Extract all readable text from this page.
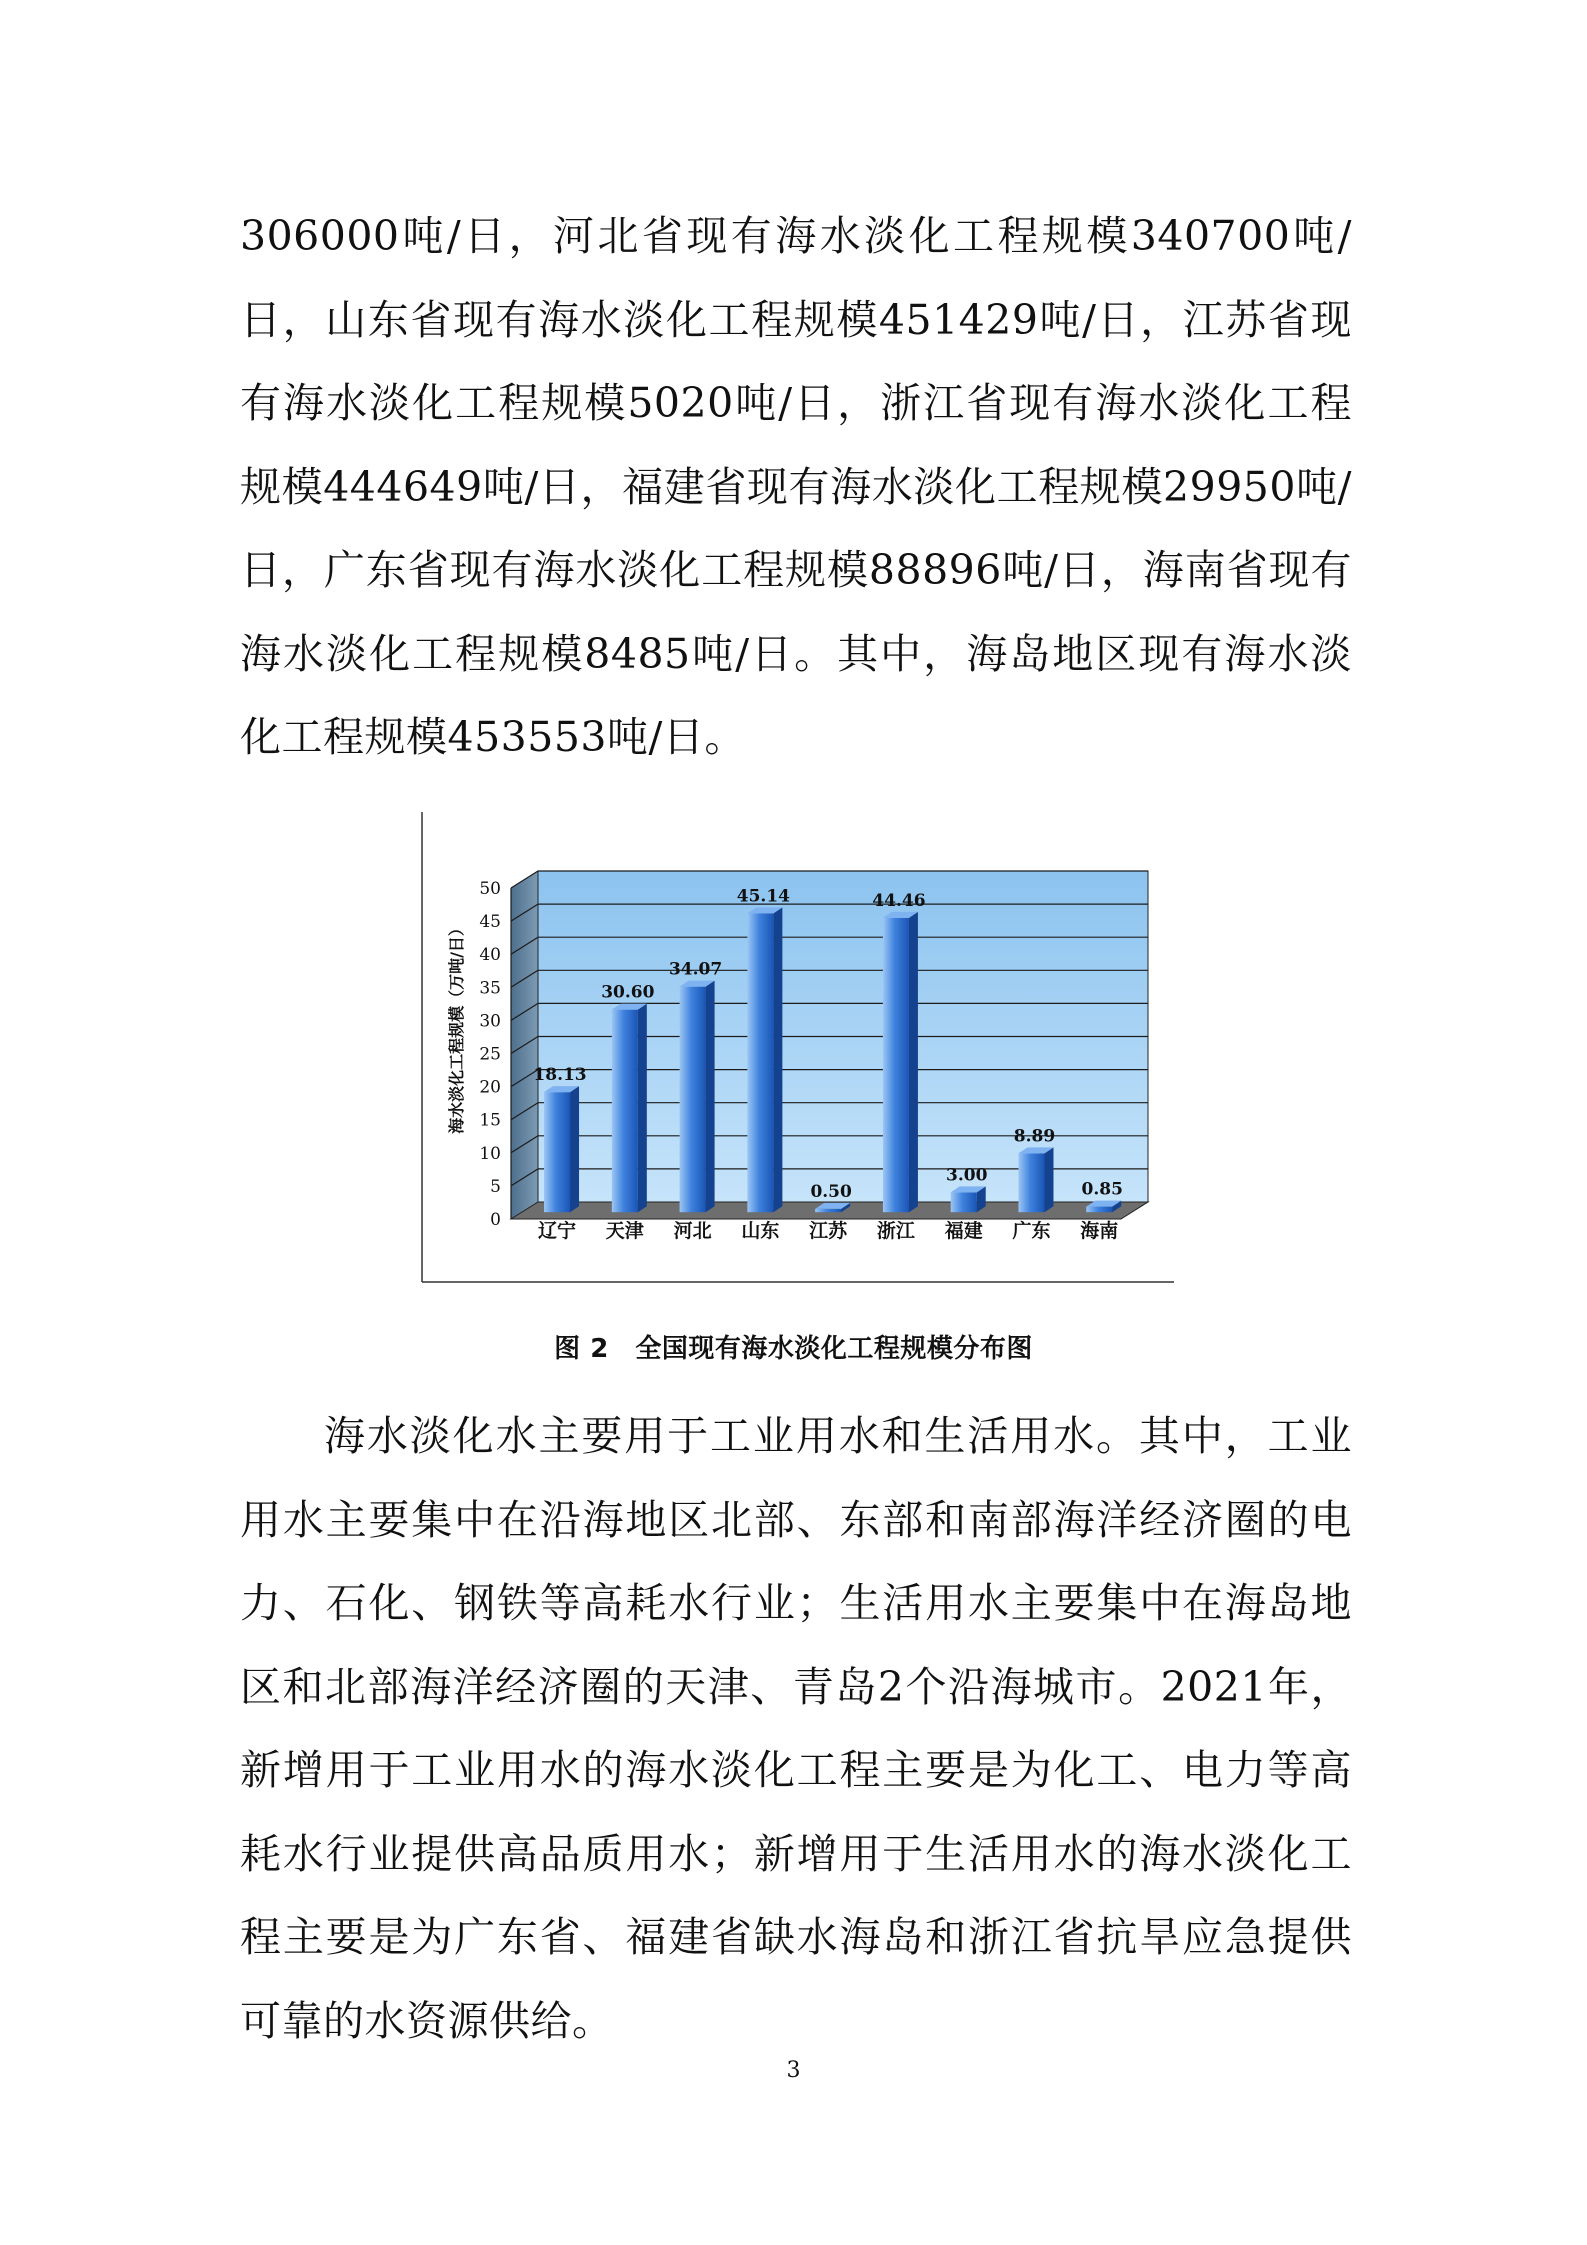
306000吨/日，河北省现有海水淡化工程规模340700吨/日，山东省现有海水淡化工程规模451429吨/日，江苏省现有海水淡化工程规模5020吨/日，浙江省现有海水淡化工程规模444649吨/日，福建省现有海水淡化工程规模29950吨/日，广东省现有海水淡化工程规模88896吨/日，海南省现有海水淡化工程规模8485吨/日。其中，海岛地区现有海水淡化工程规模453553吨/日。

0
5
10
15
20
25
30
35
40
45
50
18.13
辽宁
30.60
天津
34.07
河北
45.14
山东
0.50
江苏
44.46
浙江
3.00
福建
8.89
广东
0.85
海南
海水淡化工程规模（万吨/日）
图 2　全国现有海水淡化工程规模分布图

海水淡化水主要用于工业用水和生活用水。其中，工业用水主要集中在沿海地区北部、东部和南部海洋经济圈的电力、石化、钢铁等高耗水行业；生活用水主要集中在海岛地区和北部海洋经济圈的天津、青岛2个沿海城市。2021年，新增用于工业用水的海水淡化工程主要是为化工、电力等高耗水行业提供高品质用水；新增用于生活用水的海水淡化工程主要是为广东省、福建省缺水海岛和浙江省抗旱应急提供可靠的水资源供给。

3
